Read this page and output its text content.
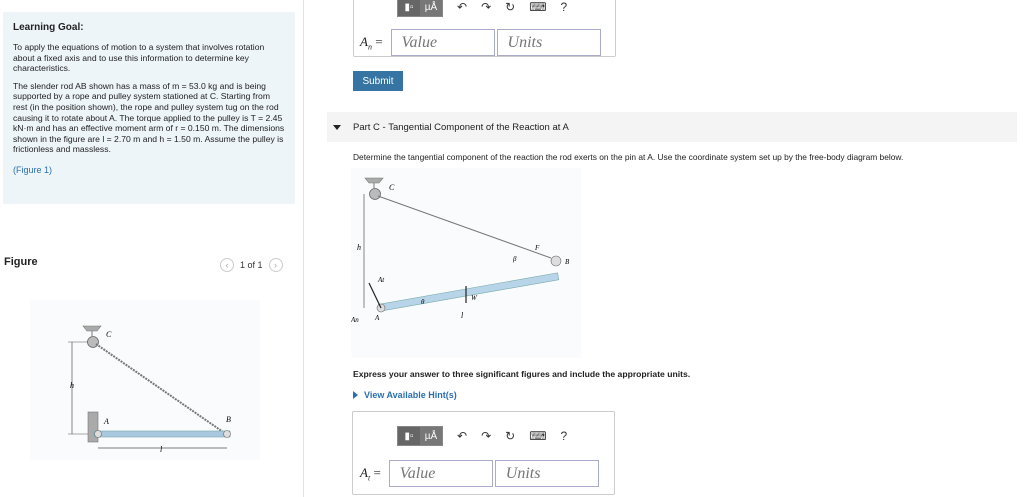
Learning Goal:
To apply the equations of motion to a system that involves rotation about a fixed axis and to use this information to determine key characteristics.
The slender rod AB shown has a mass of m = 53.0 kg and is being supported by a rope and pulley system stationed at C. Starting from rest (in the position shown), the rope and pulley system tug on the rod causing it to rotate about A. The torque applied to the pulley is T = 2.45 kN·m and has an effective moment arm of r = 0.150 m. The dimensions shown in the figure are l = 2.70 m and h = 1.50 m. Assume the pulley is frictionless and massless.
(Figure 1)
Figure	‹	1 of 1	›
C
A	B
h
l
▮▫	µÅ	↶ ↷ ↻ ⌨ ?
$A_n$ =
Value
Units
Submit
Part C - Tangential Component of the Reaction at A
Determine the tangential component of the reaction the rod exerts on the pin at A. Use the coordinate system set up by the free-body diagram below.
C
h
At
An A
θ	W
l
β
F
B
Express your answer to three significant figures and include the appropriate units.
View Available Hint(s)
▮▫	µÅ	↶ ↷ ↻ ⌨ ?
$A_t$ =
Value
Units
